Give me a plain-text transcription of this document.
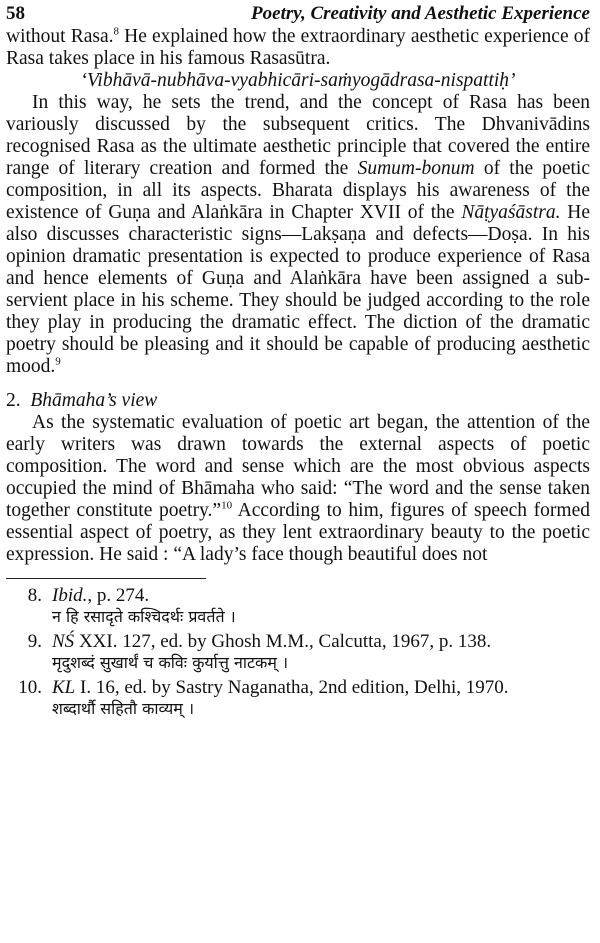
58	Poetry, Creativity and Aesthetic Experience

without Rasa.$^8$ He explained how the extraordinary aesthetic experience of Rasa takes place in his famous Rasasūtra.

‘Vibhāvā-nubhāva-vyabhicāri-saṁyogādrasa-nispattiḥ’

In this way, he sets the trend, and the concept of Rasa has been variously discussed by the subsequent critics. The Dhvanivādins recognised Rasa as the ultimate aesthetic principle that covered the entire range of literary creation and formed the Sumum-bonum of the poetic composition, in all its aspects. Bharata displays his awareness of the existence of Guṇa and Alaṅkāra in Chapter XVII of the Nāṭyaśāstra. He also discusses characteristic signs—Lakṣaṇa and defects—Doṣa. In his opinion dramatic presentation is expected to produce experience of Rasa and hence elements of Guṇa and Alaṅkāra have been assigned a sub-servient place in his scheme. They should be judged according to the role they play in producing the dramatic effect. The diction of the dramatic poetry should be pleasing and it should be capable of producing aesthetic mood.$^9$

2. Bhāmaha’s view

As the systematic evaluation of poetic art began, the attention of the early writers was drawn towards the external aspects of poetic composition. The word and sense which are the most obvious aspects occupied the mind of Bhāmaha who said: “The word and the sense taken together constitute poetry.”$^{10}$ According to him, figures of speech formed essential aspect of poetry, as they lent extraordinary beauty to the poetic expression. He said : “A lady’s face though beautiful does not

8. Ibid., p. 274.
न हि रसादृते कश्चिदर्थः प्रवर्तते ।
9. NŚ XXI. 127, ed. by Ghosh M.M., Calcutta, 1967, p. 138.
मृदुशब्दं सुखार्थं च कविः कुर्यात्तु नाटकम् ।
10. KL I. 16, ed. by Sastry Naganatha, 2nd edition, Delhi, 1970.
शब्दार्थौ सहितौ काव्यम् ।
